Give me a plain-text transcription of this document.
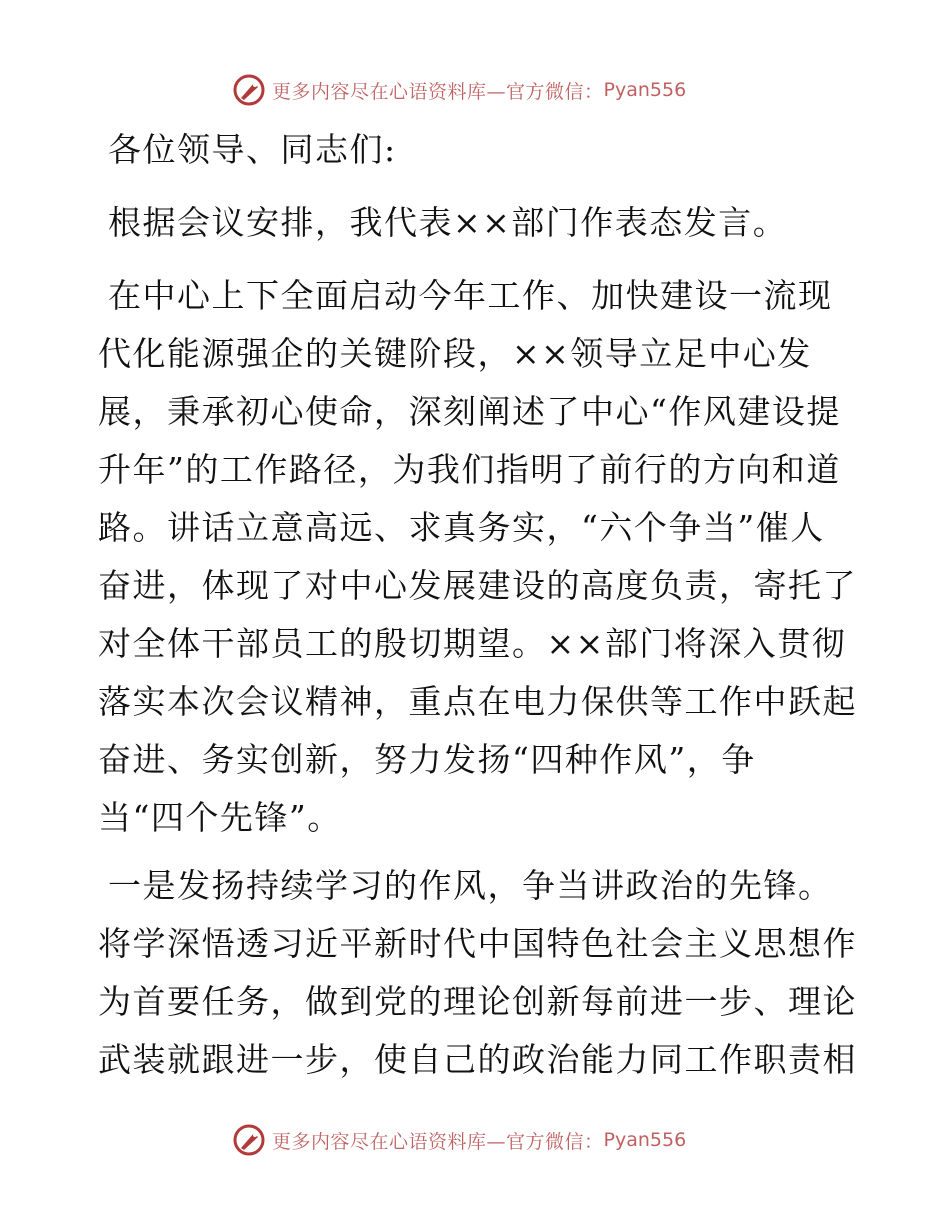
更多内容尽在心语资料库—官方微信： Pyan556
各位领导、同志们:
根据会议安排，我代表××部门作表态发言。
在中心上下全面启动今年工作、加快建设一流现
代化能源强企的关键阶段，××领导立足中心发
展，秉承初心使命，深刻阐述了中心“作风建设提
升年”的工作路径，为我们指明了前行的方向和道
路。讲话立意高远、求真务实，“六个争当”催人
奋进，体现了对中心发展建设的高度负责，寄托了
对全体干部员工的殷切期望。××部门将深入贯彻
落实本次会议精神，重点在电力保供等工作中跃起
奋进、务实创新，努力发扬“四种作风”，争
当“四个先锋”。
一是发扬持续学习的作风，争当讲政治的先锋。
将学深悟透习近平新时代中国特色社会主义思想作
为首要任务，做到党的理论创新每前进一步、理论
武装就跟进一步，使自己的政治能力同工作职责相
更多内容尽在心语资料库—官方微信： Pyan556
